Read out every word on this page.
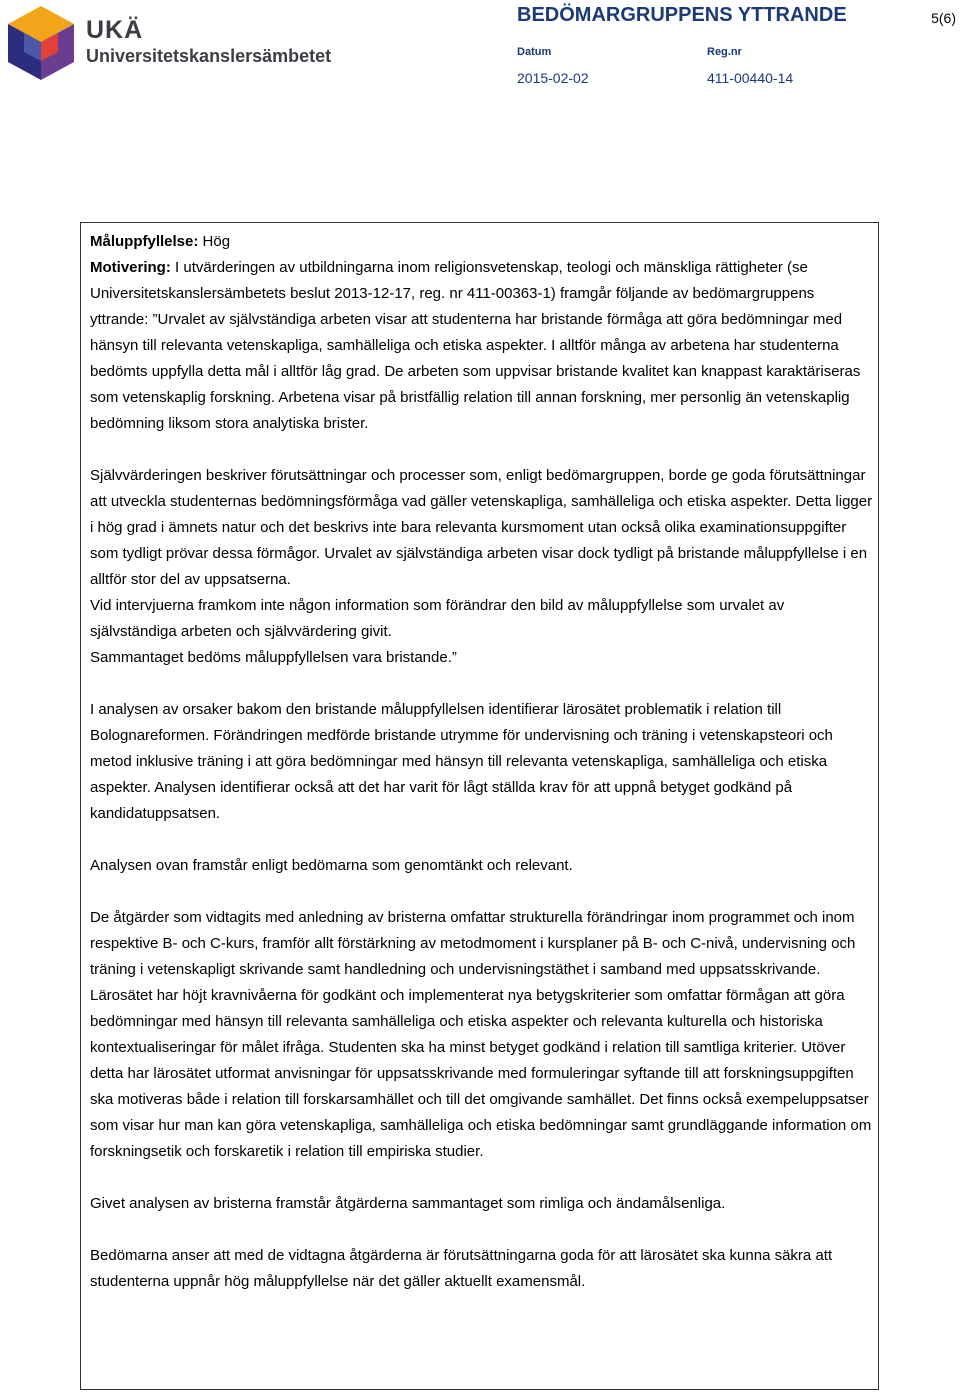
UKÄ
Universitetskanslersämbetet
BEDÖMARGRUPPENS YTTRANDE	5(6)
Datum	Reg.nr
2015-02-02	411-00440-14

Måluppfyllelse: Hög

Motivering: I utvärderingen av utbildningarna inom religionsvetenskap, teologi och mänskliga rättigheter (se Universitetskanslersämbetets beslut 2013-12-17, reg. nr 411-00363-1) framgår följande av bedömargruppens yttrande: ”Urvalet av självständiga arbeten visar att studenterna har bristande förmåga att göra bedömningar med hänsyn till relevanta vetenskapliga, samhälleliga och etiska aspekter. I alltför många av arbetena har studenterna bedömts uppfylla detta mål i alltför låg grad. De arbeten som uppvisar bristande kvalitet kan knappast karaktäriseras som vetenskaplig forskning. Arbetena visar på bristfällig relation till annan forskning, mer personlig än vetenskaplig bedömning liksom stora analytiska brister.

Självvärderingen beskriver förutsättningar och processer som, enligt bedömargruppen, borde ge goda förutsättningar att utveckla studenternas bedömningsförmåga vad gäller vetenskapliga, samhälleliga och etiska aspekter. Detta ligger i hög grad i ämnets natur och det beskrivs inte bara relevanta kursmoment utan också olika examinationsuppgifter som tydligt prövar dessa förmågor. Urvalet av självständiga arbeten visar dock tydligt på bristande måluppfyllelse i en alltför stor del av uppsatserna.

Vid intervjuerna framkom inte någon information som förändrar den bild av måluppfyllelse som urvalet av självständiga arbeten och självvärdering givit.

Sammantaget bedöms måluppfyllelsen vara bristande.”

I analysen av orsaker bakom den bristande måluppfyllelsen identifierar lärosätet problematik i relation till Bolognareformen. Förändringen medförde bristande utrymme för undervisning och träning i vetenskapsteori och metod inklusive träning i att göra bedömningar med hänsyn till relevanta vetenskapliga, samhälleliga och etiska aspekter. Analysen identifierar också att det har varit för lågt ställda krav för att uppnå betyget godkänd på kandidatuppsatsen.

Analysen ovan framstår enligt bedömarna som genomtänkt och relevant.

De åtgärder som vidtagits med anledning av bristerna omfattar strukturella förändringar inom programmet och inom respektive B- och C-kurs, framför allt förstärkning av metodmoment i kursplaner på B- och C-nivå, undervisning och träning i vetenskapligt skrivande samt handledning och undervisningstäthet i samband med uppsatsskrivande. Lärosätet har höjt kravnivåerna för godkänt och implementerat nya betygskriterier som omfattar förmågan att göra bedömningar med hänsyn till relevanta samhälleliga och etiska aspekter och relevanta kulturella och historiska kontextualiseringar för målet ifråga. Studenten ska ha minst betyget godkänd i relation till samtliga kriterier. Utöver detta har lärosätet utformat anvisningar för uppsatsskrivande med formuleringar syftande till att forskningsuppgiften ska motiveras både i relation till forskarsamhället och till det omgivande samhället. Det finns också exempeluppsatser som visar hur man kan göra vetenskapliga, samhälleliga och etiska bedömningar samt grundläggande information om forskningsetik och forskaretik i relation till empiriska studier.

Givet analysen av bristerna framstår åtgärderna sammantaget som rimliga och ändamålsenliga.

Bedömarna anser att med de vidtagna åtgärderna är förutsättningarna goda för att lärosätet ska kunna säkra att studenterna uppnår hög måluppfyllelse när det gäller aktuellt examensmål.
